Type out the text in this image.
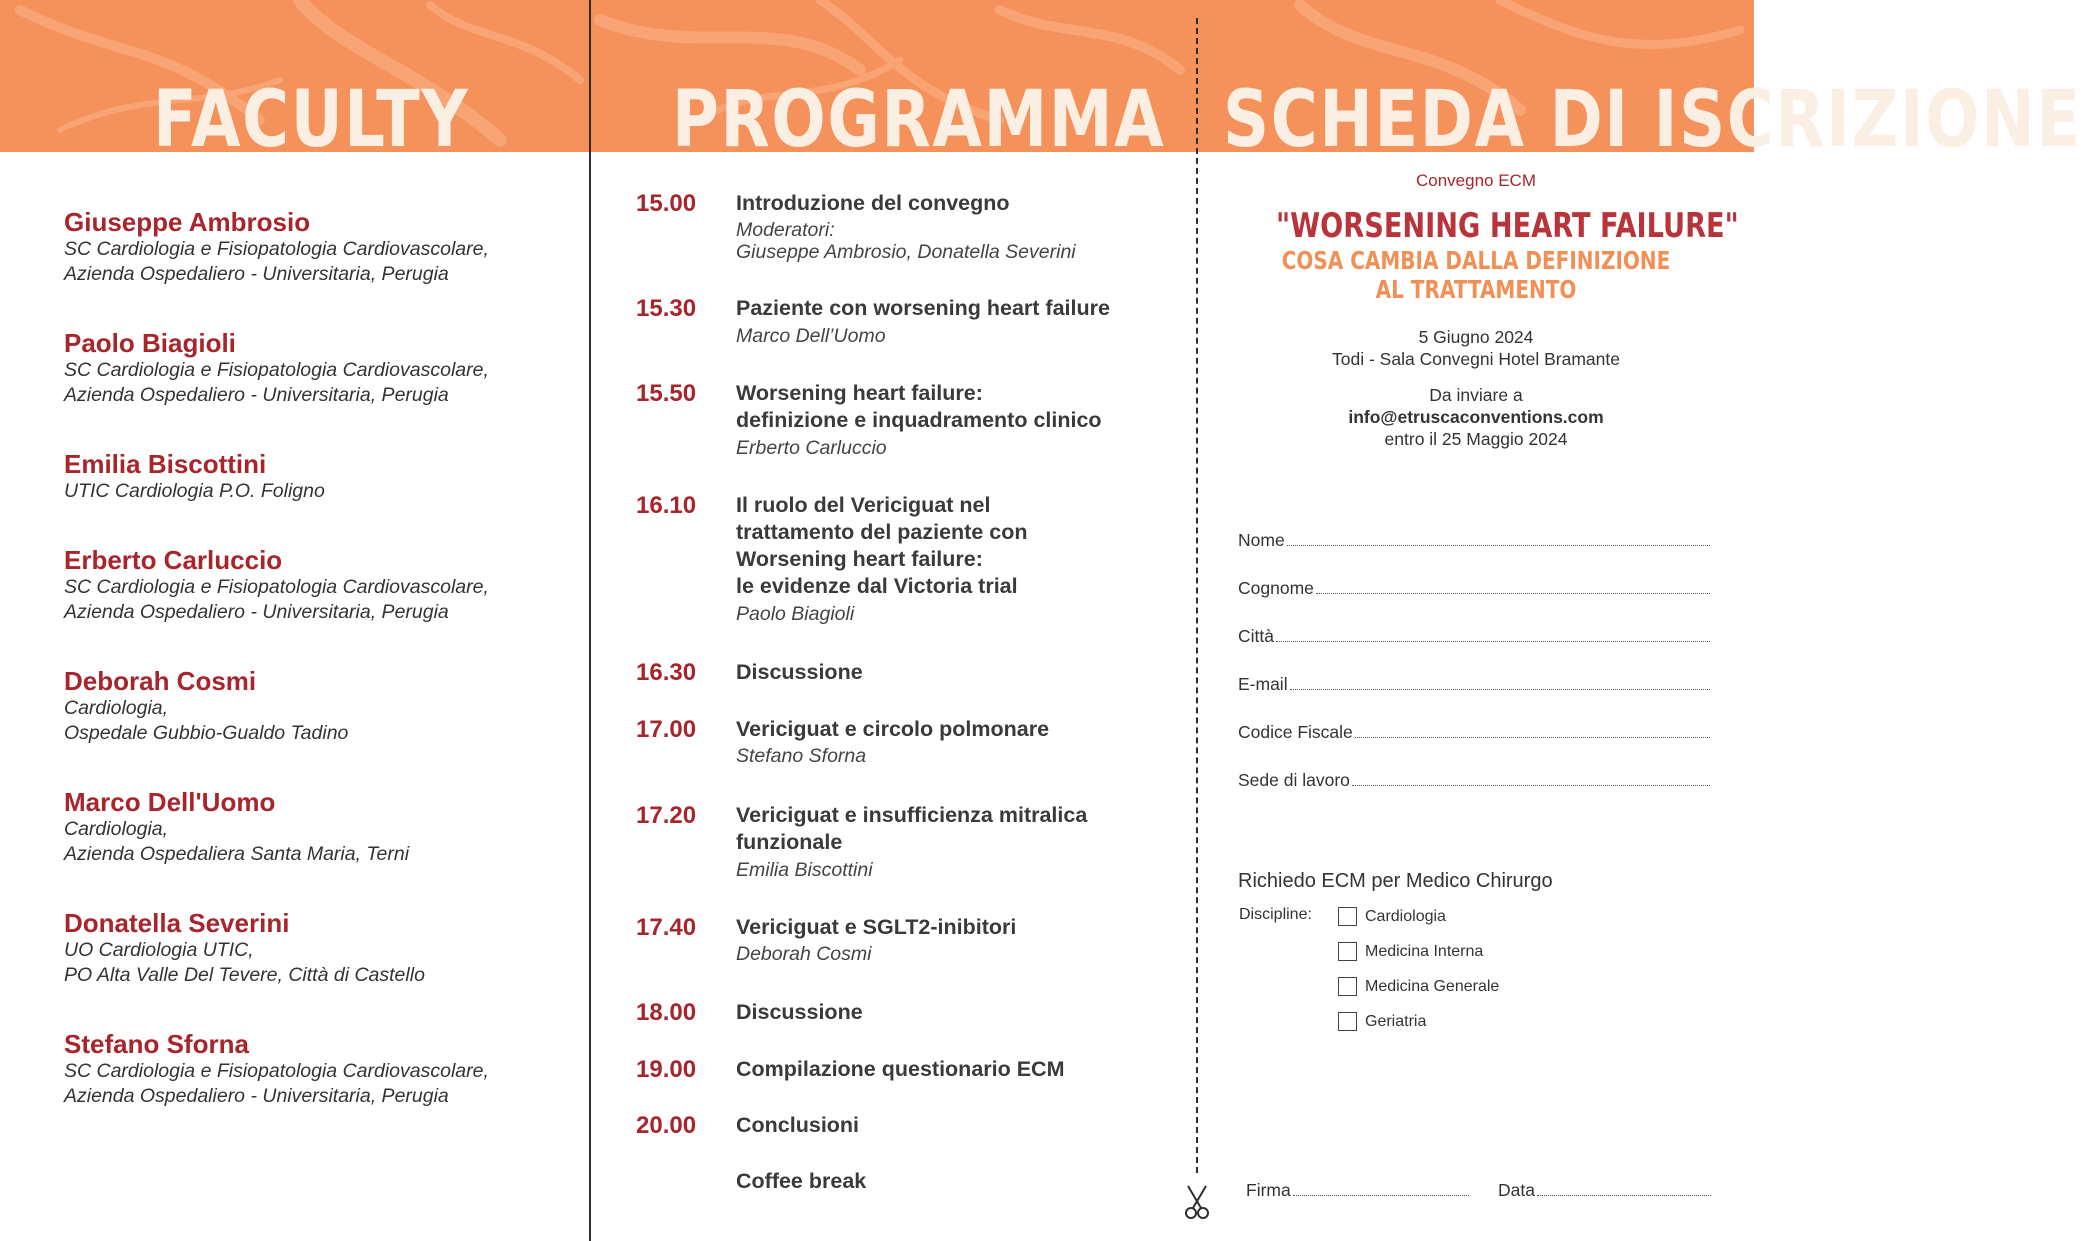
FACULTY	PROGRAMMA SCHEDA DI ISCRIZIONE
Giuseppe Ambrosio
SC Cardiologia e Fisiopatologia Cardiovascolare,
Azienda Ospedaliero - Universitaria, Perugia
Paolo Biagioli
SC Cardiologia e Fisiopatologia Cardiovascolare,
Azienda Ospedaliero - Universitaria, Perugia
Emilia Biscottini
UTIC Cardiologia P.O. Foligno
Erberto Carluccio
SC Cardiologia e Fisiopatologia Cardiovascolare,
Azienda Ospedaliero - Universitaria, Perugia
Deborah Cosmi
Cardiologia,
Ospedale Gubbio-Gualdo Tadino
Marco Dell'Uomo
Cardiologia,
Azienda Ospedaliera Santa Maria, Terni
Donatella Severini
UO Cardiologia UTIC,
PO Alta Valle Del Tevere, Città di Castello
Stefano Sforna
SC Cardiologia e Fisiopatologia Cardiovascolare,
Azienda Ospedaliero - Universitaria, Perugia
15.00 Introduzione del convegno
Moderatori:
Giuseppe Ambrosio, Donatella Severini
15.30 Paziente con worsening heart failure
Marco Dell’Uomo
15.50 Worsening heart failure:
definizione e inquadramento clinico
Erberto Carluccio
16.10 Il ruolo del Vericiguat nel
trattamento del paziente con
Worsening heart failure:
le evidenze dal Victoria trial
Paolo Biagioli
16.30 Discussione
17.00 Vericiguat e circolo polmonare
Stefano Sforna
17.20 Vericiguat e insufficienza mitralica
funzionale
Emilia Biscottini
17.40 Vericiguat e SGLT2-inibitori
Deborah Cosmi
18.00 Discussione
19.00 Compilazione questionario ECM
20.00 Conclusioni
Coffee break
Convegno ECM
"WORSENING HEART FAILURE"
COSA CAMBIA DALLA DEFINIZIONE
AL TRATTAMENTO
5 Giugno 2024
Todi - Sala Convegni Hotel Bramante
Da inviare a
info@etruscaconventions.com
entro il 25 Maggio 2024
Nome
Cognome
Città
E-mail
Codice Fiscale
Sede di lavoro
Richiedo ECM per Medico Chirurgo
Discipline:	Cardiologia
Medicina Interna
Medicina Generale
Geriatria
Firma	Data
